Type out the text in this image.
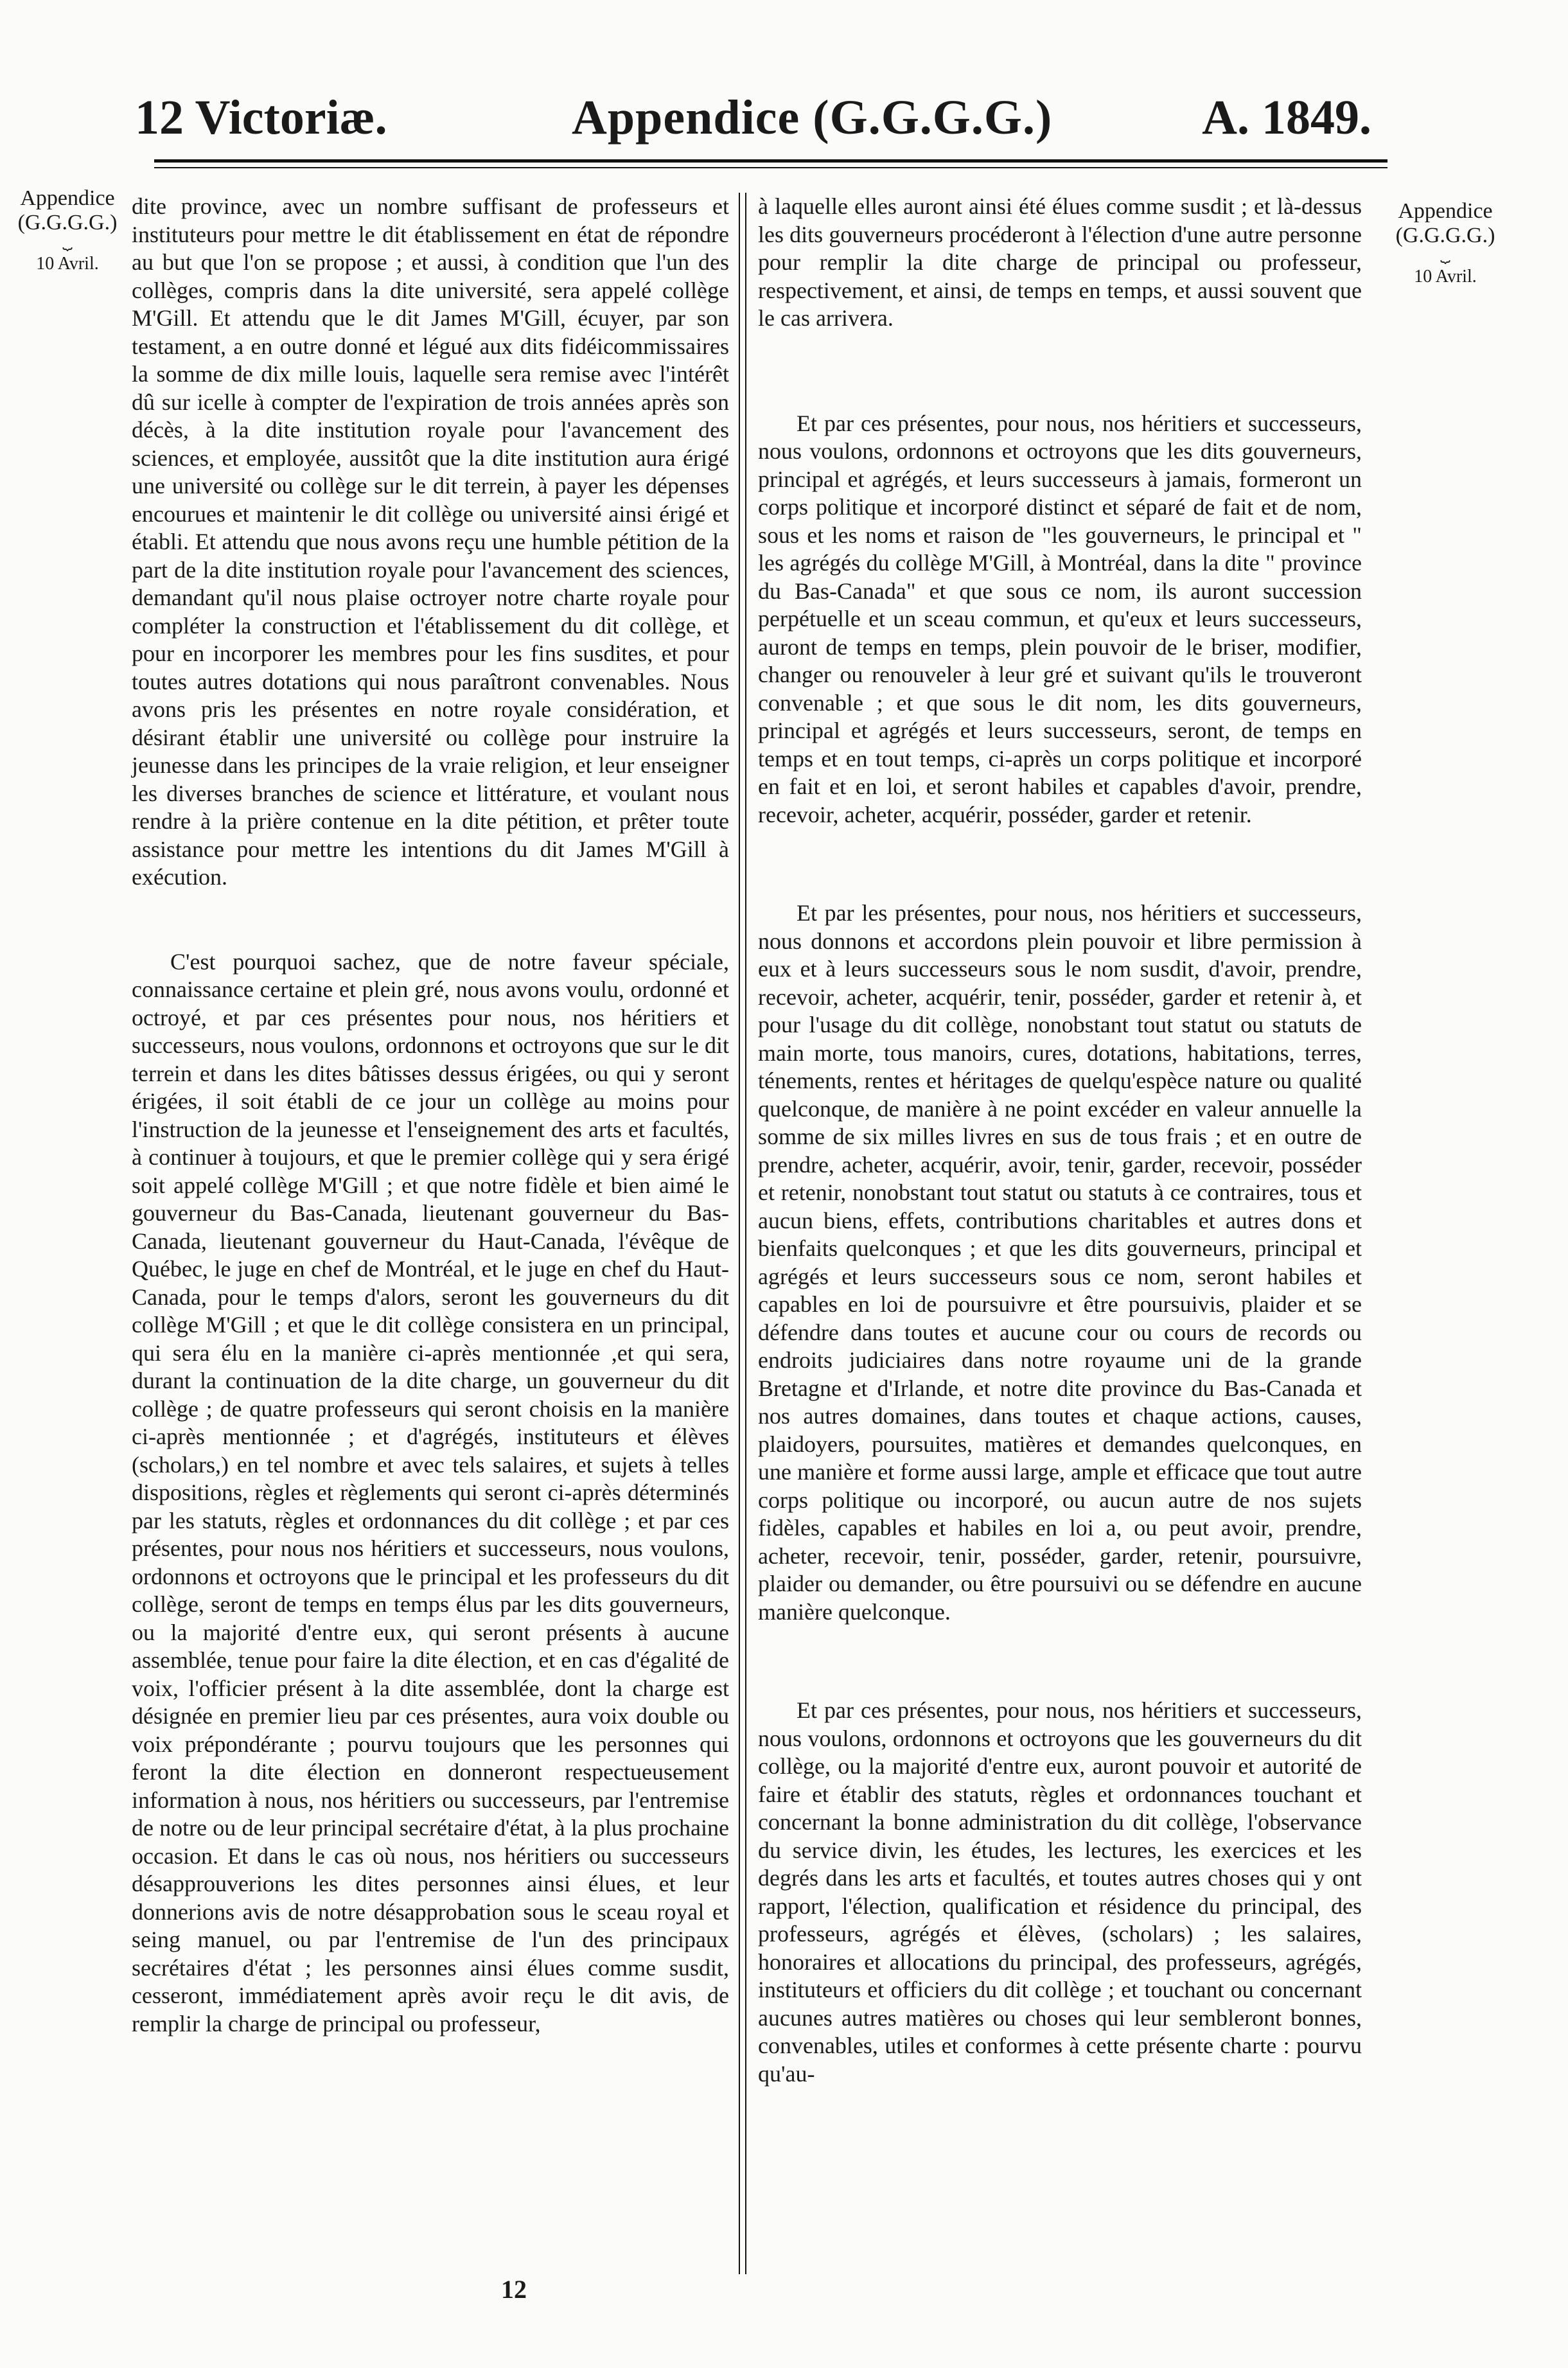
12 Victoriæ.	Appendice (G.G.G.G.)	A. 1849.
Appendice (G.G.G.G.)
⏟
10 Avril.
Appendice (G.G.G.G.)
⏟
10 Avril.

dite province, avec un nombre suffisant de professeurs et instituteurs pour mettre le dit établissement en état de répondre au but que l'on se propose ; et aussi, à condition que l'un des collèges, compris dans la dite université, sera appelé collège M'Gill. Et attendu que le dit James M'Gill, écuyer, par son testament, a en outre donné et légué aux dits fidéicommissaires la somme de dix mille louis, laquelle sera remise avec l'intérêt dû sur icelle à compter de l'expiration de trois années après son décès, à la dite institution royale pour l'avancement des sciences, et employée, aussitôt que la dite institution aura érigé une université ou collège sur le dit terrein, à payer les dépenses encourues et maintenir le dit collège ou université ainsi érigé et établi. Et attendu que nous avons reçu une humble pétition de la part de la dite institution royale pour l'avancement des sciences, demandant qu'il nous plaise octroyer notre charte royale pour compléter la construction et l'établissement du dit collège, et pour en incorporer les membres pour les fins susdites, et pour toutes autres dotations qui nous paraîtront convenables. Nous avons pris les présentes en notre royale considération, et désirant établir une université ou collège pour instruire la jeunesse dans les principes de la vraie religion, et leur enseigner les diverses branches de science et littérature, et voulant nous rendre à la prière contenue en la dite pétition, et prêter toute assistance pour mettre les intentions du dit James M'Gill à exécution.

C'est pourquoi sachez, que de notre faveur spéciale, connaissance certaine et plein gré, nous avons voulu, ordonné et octroyé, et par ces présentes pour nous, nos héritiers et successeurs, nous voulons, ordonnons et octroyons que sur le dit terrein et dans les dites bâtisses dessus érigées, ou qui y seront érigées, il soit établi de ce jour un collège au moins pour l'instruction de la jeunesse et l'enseignement des arts et facultés, à continuer à toujours, et que le premier collège qui y sera érigé soit appelé collège M'Gill ; et que notre fidèle et bien aimé le gouverneur du Bas-Canada, lieutenant gouverneur du Bas-Canada, lieutenant gouverneur du Haut-Canada, l'évêque de Québec, le juge en chef de Montréal, et le juge en chef du Haut-Canada, pour le temps d'alors, seront les gouverneurs du dit collège M'Gill ; et que le dit collège consistera en un principal, qui sera élu en la manière ci-après mentionnée ,et qui sera, durant la continuation de la dite charge, un gouverneur du dit collège ; de quatre professeurs qui seront choisis en la manière ci-après mentionnée ; et d'agrégés, instituteurs et élèves (scholars,) en tel nombre et avec tels salaires, et sujets à telles dispositions, règles et règlements qui seront ci-après déterminés par les statuts, règles et ordonnances du dit collège ; et par ces présentes, pour nous nos héritiers et successeurs, nous voulons, ordonnons et octroyons que le principal et les professeurs du dit collège, seront de temps en temps élus par les dits gouverneurs, ou la majorité d'entre eux, qui seront présents à aucune assemblée, tenue pour faire la dite élection, et en cas d'égalité de voix, l'officier présent à la dite assemblée, dont la charge est désignée en premier lieu par ces présentes, aura voix double ou voix prépondérante ; pourvu toujours que les personnes qui feront la dite élection en donneront respectueusement information à nous, nos héritiers ou successeurs, par l'entremise de notre ou de leur principal secrétaire d'état, à la plus prochaine occasion. Et dans le cas où nous, nos héritiers ou successeurs désapprouverions les dites personnes ainsi élues, et leur donnerions avis de notre désapprobation sous le sceau royal et seing manuel, ou par l'entremise de l'un des principaux secrétaires d'état ; les personnes ainsi élues comme susdit, cesseront, immédiatement après avoir reçu le dit avis, de remplir la charge de principal ou professeur,

à laquelle elles auront ainsi été élues comme susdit ; et là-dessus les dits gouverneurs procéderont à l'élection d'une autre personne pour remplir la dite charge de principal ou professeur, respectivement, et ainsi, de temps en temps, et aussi souvent que le cas arrivera.

Et par ces présentes, pour nous, nos héritiers et successeurs, nous voulons, ordonnons et octroyons que les dits gouverneurs, principal et agrégés, et leurs successeurs à jamais, formeront un corps politique et incorporé distinct et séparé de fait et de nom, sous et les noms et raison de "les gouverneurs, le principal et " les agrégés du collège M'Gill, à Montréal, dans la dite " province du Bas-Canada" et que sous ce nom, ils auront succession perpétuelle et un sceau commun, et qu'eux et leurs successeurs, auront de temps en temps, plein pouvoir de le briser, modifier, changer ou renouveler à leur gré et suivant qu'ils le trouveront convenable ; et que sous le dit nom, les dits gouverneurs, principal et agrégés et leurs successeurs, seront, de temps en temps et en tout temps, ci-après un corps politique et incorporé en fait et en loi, et seront habiles et capables d'avoir, prendre, recevoir, acheter, acquérir, posséder, garder et retenir.

Et par les présentes, pour nous, nos héritiers et successeurs, nous donnons et accordons plein pouvoir et libre permission à eux et à leurs successeurs sous le nom susdit, d'avoir, prendre, recevoir, acheter, acquérir, tenir, posséder, garder et retenir à, et pour l'usage du dit collège, nonobstant tout statut ou statuts de main morte, tous manoirs, cures, dotations, habitations, terres, ténements, rentes et héritages de quelqu'espèce nature ou qualité quelconque, de manière à ne point excéder en valeur annuelle la somme de six milles livres en sus de tous frais ; et en outre de prendre, acheter, acquérir, avoir, tenir, garder, recevoir, posséder et retenir, nonobstant tout statut ou statuts à ce contraires, tous et aucun biens, effets, contributions charitables et autres dons et bienfaits quelconques ; et que les dits gouverneurs, principal et agrégés et leurs successeurs sous ce nom, seront habiles et capables en loi de poursuivre et être poursuivis, plaider et se défendre dans toutes et aucune cour ou cours de records ou endroits judiciaires dans notre royaume uni de la grande Bretagne et d'Irlande, et notre dite province du Bas-Canada et nos autres domaines, dans toutes et chaque actions, causes, plaidoyers, poursuites, matières et demandes quelconques, en une manière et forme aussi large, ample et efficace que tout autre corps politique ou incorporé, ou aucun autre de nos sujets fidèles, capables et habiles en loi a, ou peut avoir, prendre, acheter, recevoir, tenir, posséder, garder, retenir, poursuivre, plaider ou demander, ou être poursuivi ou se défendre en aucune manière quelconque.

Et par ces présentes, pour nous, nos héritiers et successeurs, nous voulons, ordonnons et octroyons que les gouverneurs du dit collège, ou la majorité d'entre eux, auront pouvoir et autorité de faire et établir des statuts, règles et ordonnances touchant et concernant la bonne administration du dit collège, l'observance du service divin, les études, les lectures, les exercices et les degrés dans les arts et facultés, et toutes autres choses qui y ont rapport, l'élection, qualification et résidence du principal, des professeurs, agrégés et élèves, (scholars) ; les salaires, honoraires et allocations du principal, des professeurs, agrégés, instituteurs et officiers du dit collège ; et touchant ou concernant aucunes autres matières ou choses qui leur sembleront bonnes, convenables, utiles et conformes à cette présente charte : pourvu qu'au-

12
